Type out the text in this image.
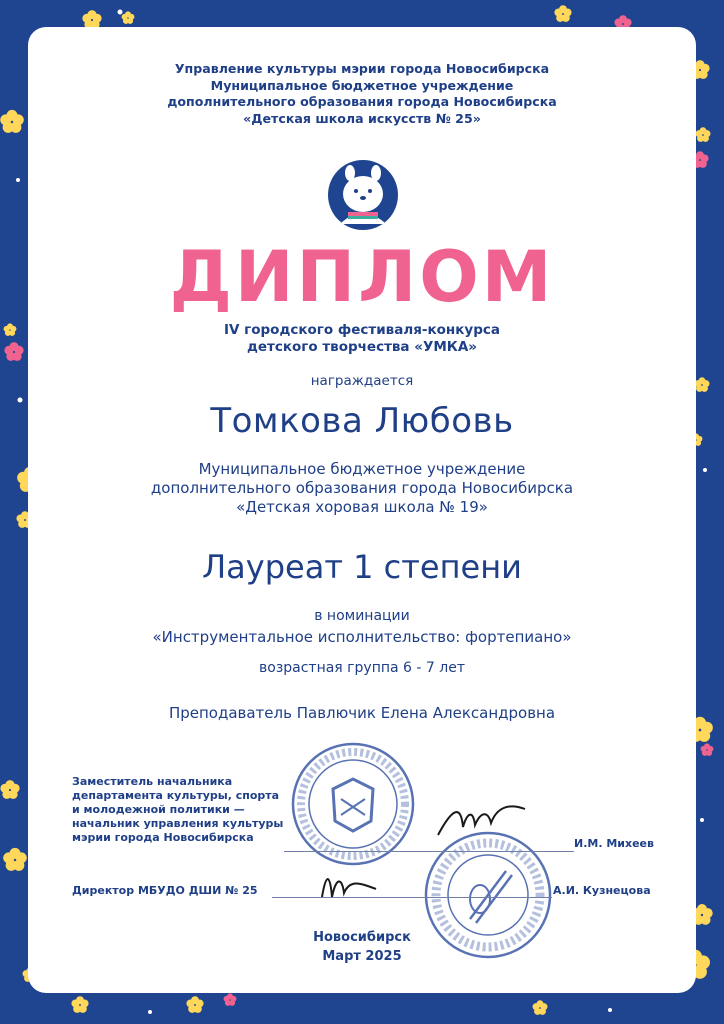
Управление культуры мэрии города Новосибирска
Муниципальное бюджетное учреждение
дополнительного образования города Новосибирска
«Детская школа искусств № 25»
ДИПЛОМ
IV городского фестиваля-конкурса
детского творчества «УМКА»
награждается
Томкова Любовь
Муниципальное бюджетное учреждение
дополнительного образования города Новосибирска
«Детская хоровая школа № 19»
Лауреат 1 степени
в номинации
«Инструментальное исполнительство: фортепиано»
возрастная группа 6 - 7 лет
Преподаватель Павлючик Елена Александровна
Заместитель начальника
департамента культуры, спорта
и молодежной политики —
начальник управления культуры
мэрии города Новосибирска	И.М. Михеев
Директор МБУДО ДШИ № 25	А.И. Кузнецова
Новосибирск
Март 2025
